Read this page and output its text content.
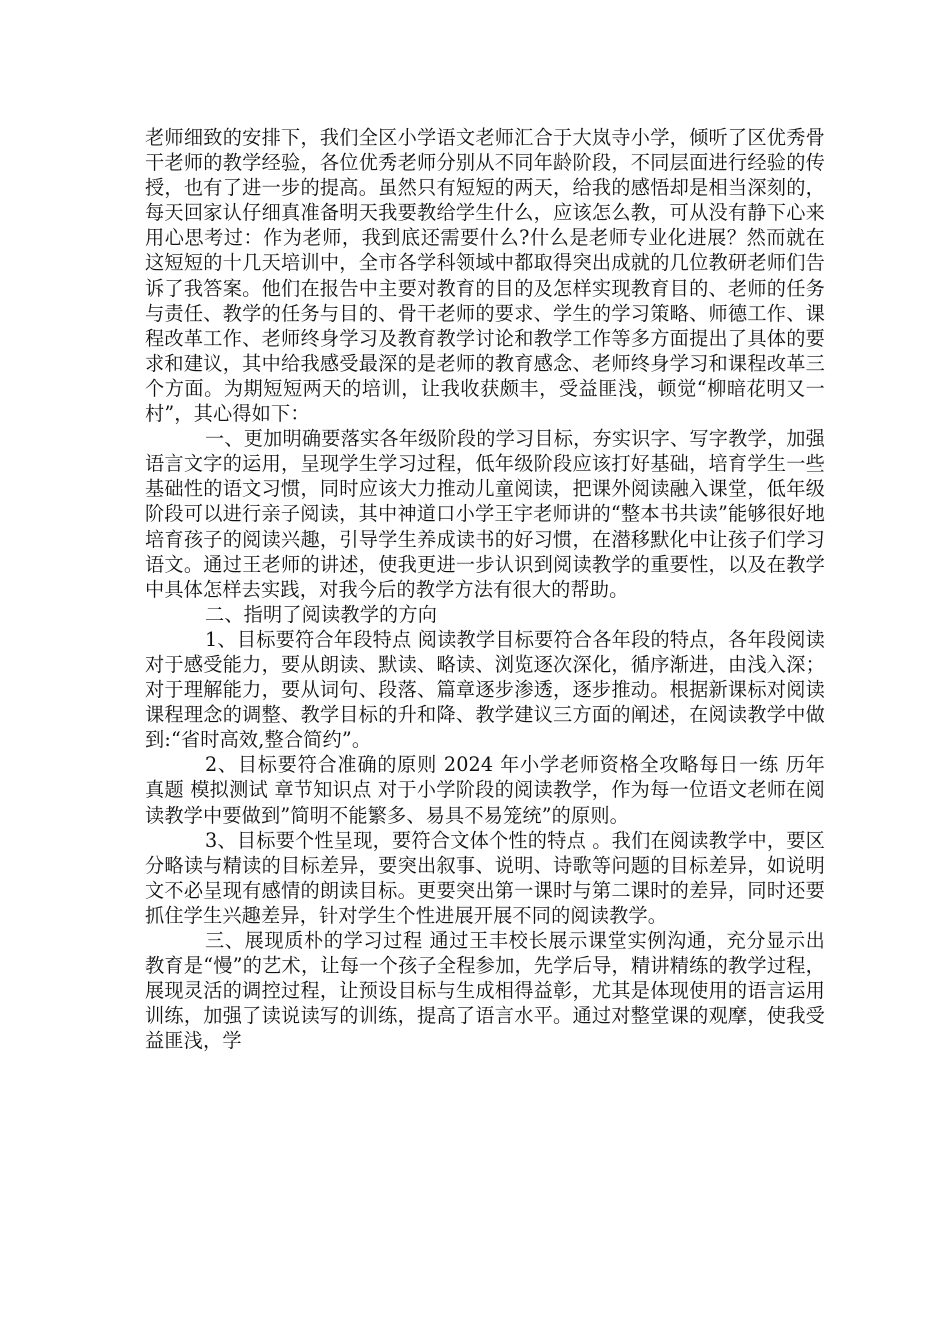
老师细致的安排下，我们全区小学语文老师汇合于大岚寺小学，倾听了区优秀骨干老师的教学经验，各位优秀老师分别从不同年龄阶段，不同层面进行经验的传授，也有了进一步的提高。虽然只有短短的两天，给我的感悟却是相当深刻的，每天回家认仔细真准备明天我要教给学生什么，应该怎么教，可从没有静下心来用心思考过：作为老师，我到底还需要什么?什么是老师专业化进展？然而就在这短短的十几天培训中，全市各学科领域中都取得突出成就的几位教研老师们告诉了我答案。他们在报告中主要对教育的目的及怎样实现教育目的、老师的任务与责任、教学的任务与目的、骨干老师的要求、学生的学习策略、师德工作、课程改革工作、老师终身学习及教育教学讨论和教学工作等多方面提出了具体的要求和建议，其中给我感受最深的是老师的教育感念、老师终身学习和课程改革三个方面。为期短短两天的培训，让我收获颇丰，受益匪浅，顿觉“柳暗花明又一村”，其心得如下：

一、更加明确要落实各年级阶段的学习目标，夯实识字、写字教学，加强语言文字的运用，呈现学生学习过程，低年级阶段应该打好基础，培育学生一些基础性的语文习惯，同时应该大力推动儿童阅读，把课外阅读融入课堂，低年级阶段可以进行亲子阅读，其中神道口小学王宇老师讲的“整本书共读”能够很好地培育孩子的阅读兴趣，引导学生养成读书的好习惯，在潜移默化中让孩子们学习语文。通过王老师的讲述，使我更进一步认识到阅读教学的重要性，以及在教学中具体怎样去实践，对我今后的教学方法有很大的帮助。

二、指明了阅读教学的方向

1、目标要符合年段特点 阅读教学目标要符合各年段的特点，各年段阅读对于感受能力，要从朗读、默读、略读、浏览逐次深化，循序渐进，由浅入深；对于理解能力，要从词句、段落、篇章逐步渗透，逐步推动。根据新课标对阅读课程理念的调整、教学目标的升和降、教学建议三方面的阐述，在阅读教学中做到:“省时高效,整合简约”。

2、目标要符合准确的原则 2024 年小学老师资格全攻略每日一练 历年真题 模拟测试 章节知识点 对于小学阶段的阅读教学，作为每一位语文老师在阅读教学中要做到”简明不能繁多、易具不易笼统”的原则。

3、目标要个性呈现，要符合文体个性的特点 。我们在阅读教学中，要区分略读与精读的目标差异，要突出叙事、说明、诗歌等问题的目标差异，如说明文不必呈现有感情的朗读目标。更要突出第一课时与第二课时的差异，同时还要抓住学生兴趣差异，针对学生个性进展开展不同的阅读教学。

三、展现质朴的学习过程 通过王丰校长展示课堂实例沟通，充分显示出教育是“慢”的艺术，让每一个孩子全程参加，先学后导，精讲精练的教学过程，展现灵活的调控过程，让预设目标与生成相得益彰，尤其是体现使用的语言运用训练，加强了读说读写的训练，提高了语言水平。通过对整堂课的观摩，使我受益匪浅，学
